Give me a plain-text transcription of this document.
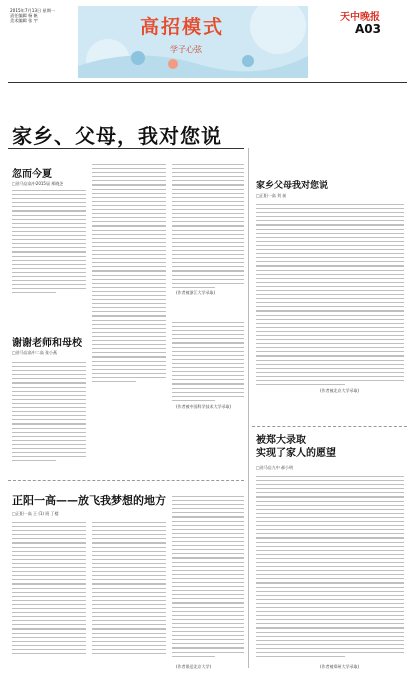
2015年7月13日 星期一
责任编辑 杨 帆
美术编辑 张 宇	高招模式
学子心弦
天中晚报
A03
家乡、父母，我对您说
忽而今夏
□驻马店高中2015届 邢晓芝
(作者被浙江大学录取)
谢谢老师和母校
□驻马店高中二高 张小燕
(作者被中国科学技术大学录取)
正阳一高——放飞我梦想的地方
□正阳一高 王 (1) 班 丁楼
(作者保送北京大学)
家乡父母我对您说
□正阳一高 刘 前
(作者被北京大学录取)
被郑大录取
实现了家人的愿望
□驻马店九中 郝小明
(作者被郑州大学录取)
